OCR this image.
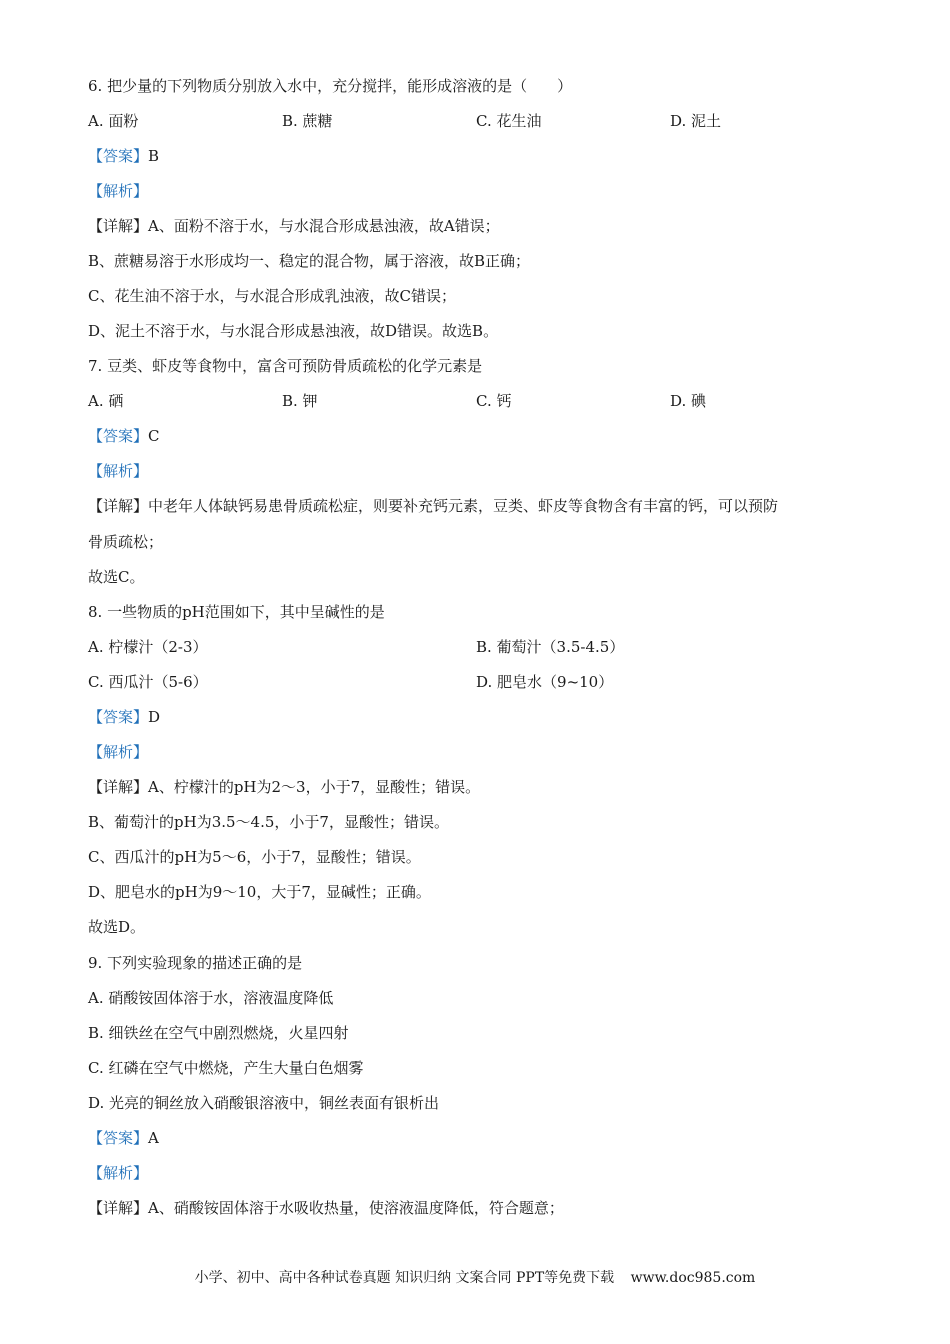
6. 把少量的下列物质分别放入水中，充分搅拌，能形成溶液的是（　　）
A. 面粉	B. 蔗糖	C. 花生油	D. 泥土
【答案】B
【解析】
【详解】A、面粉不溶于水，与水混合形成悬浊液，故A错误；
B、蔗糖易溶于水形成均一、稳定的混合物，属于溶液，故B正确；
C、花生油不溶于水，与水混合形成乳浊液，故C错误；
D、泥土不溶于水，与水混合形成悬浊液，故D错误。故选B。
7. 豆类、虾皮等食物中，富含可预防骨质疏松的化学元素是
A. 硒	B. 钾	C. 钙	D. 碘
【答案】C
【解析】
【详解】中老年人体缺钙易患骨质疏松症，则要补充钙元素，豆类、虾皮等食物含有丰富的钙，可以预防
骨质疏松；
故选C。
8. 一些物质的pH范围如下，其中呈碱性的是
A. 柠檬汁（2-3）	B. 葡萄汁（3.5-4.5）
C. 西瓜汁（5-6）	D. 肥皂水（9~10）
【答案】D
【解析】
【详解】A、柠檬汁的pH为2～3，小于7，显酸性；错误。
B、葡萄汁的pH为3.5～4.5，小于7，显酸性；错误。
C、西瓜汁的pH为5～6，小于7，显酸性；错误。
D、肥皂水的pH为9～10，大于7，显碱性；正确。
故选D。
9. 下列实验现象的描述正确的是
A. 硝酸铵固体溶于水，溶液温度降低
B. 细铁丝在空气中剧烈燃烧，火星四射
C. 红磷在空气中燃烧，产生大量白色烟雾
D. 光亮的铜丝放入硝酸银溶液中，铜丝表面有银析出
【答案】A
【解析】
【详解】A、硝酸铵固体溶于水吸收热量，使溶液温度降低，符合题意；
小学、初中、高中各种试卷真题 知识归纳 文案合同 PPT等免费下载 www.doc985.com
